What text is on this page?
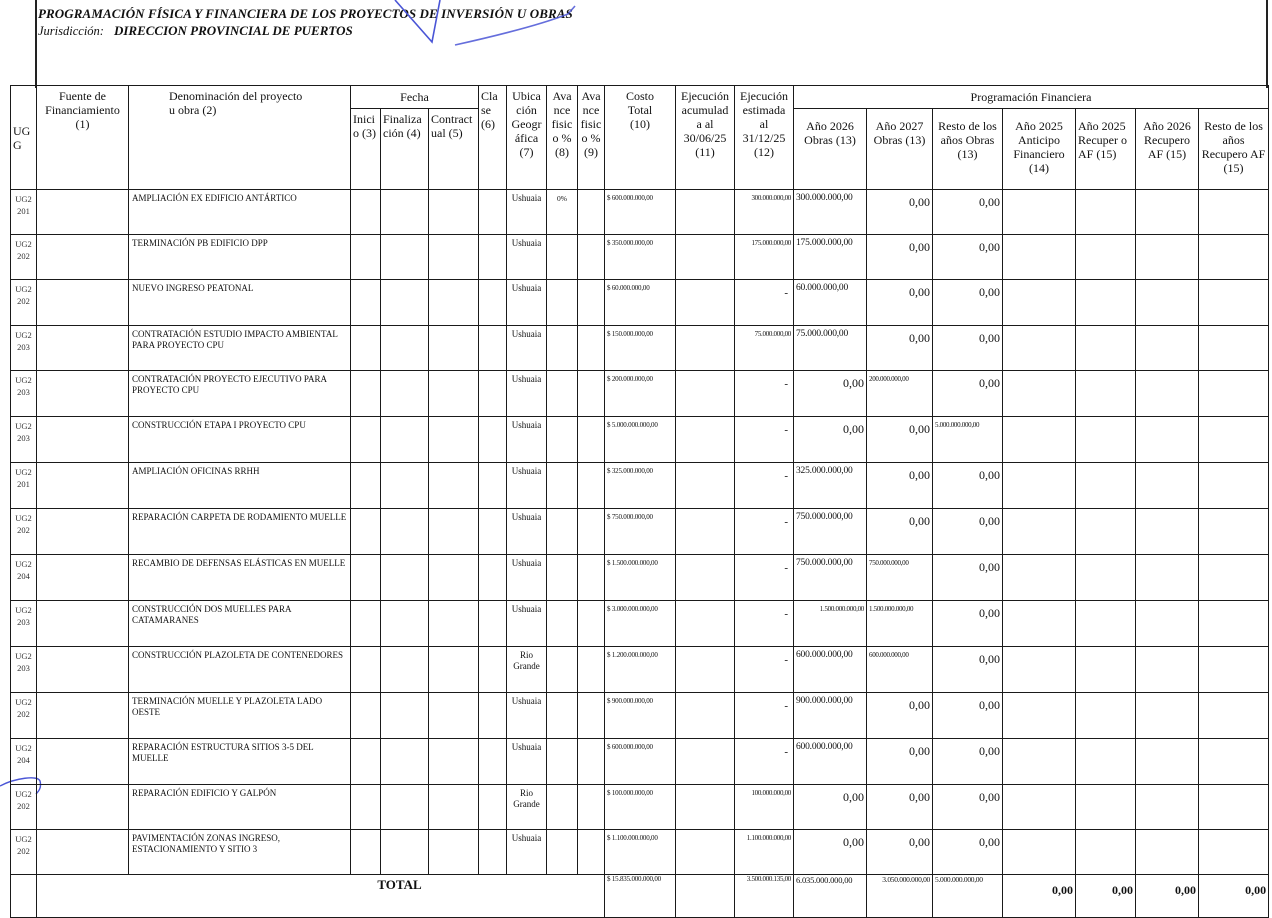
PROGRAMACIÓN FÍSICA Y FINANCIERA DE LOS PROYECTOS DE INVERSIÓN U OBRAS
Jurisdicción: DIRECCION PROVINCIAL DE PUERTOS
UG G	Fuente de Financiamiento (1)	Denominación del proyecto u obra (2)	Fecha			Cla se (6)	Ubica ción Geogr áfica (7)	Ava nce fisic o % (8)	Ava nce fisic o % (9)	Costo Total (10)	Ejecución acumulad a al 30/06/25 (11)	Ejecución estimada al 31/12/25 (12)	Programación Financiera						
			Inici o (3)	Finaliza ción (4)	Contract ual (5)								Año 2026 Obras (13)	Año 2027 Obras (13)	Resto de los años Obras (13)	Año 2025 Anticipo Financiero (14)	Año 2025 Recuper o AF (15)	Año 2026 Recupero AF (15)	Resto de los años Recupero AF (15)
UG2 201		AMPLIACIÓN EX EDIFICIO ANTÁRTICO					Ushuaia	0%		$ 600.000.000,00		300.000.000,00	300.000.000,00	0,00	0,00				
UG2 202		TERMINACIÓN PB EDIFICIO DPP					Ushuaia			$ 350.000.000,00		175.000.000,00	175.000.000,00	0,00	0,00				
UG2 202		NUEVO INGRESO PEATONAL					Ushuaia			$ 60.000.000,00		-	60.000.000,00	0,00	0,00				
UG2 203		CONTRATACIÓN ESTUDIO IMPACTO AMBIENTAL PARA PROYECTO CPU					Ushuaia			$ 150.000.000,00		75.000.000,00	75.000.000,00	0,00	0,00				
UG2 203		CONTRATACIÓN PROYECTO EJECUTIVO PARA PROYECTO CPU					Ushuaia			$ 200.000.000,00		-	0,00	200.000.000,00	0,00				
UG2 203		CONSTRUCCIÓN ETAPA I PROYECTO CPU					Ushuaia			$ 5.000.000.000,00		-	0,00	0,00	5.000.000.000,00				
UG2 201		AMPLIACIÓN OFICINAS RRHH					Ushuaia			$ 325.000.000,00		-	325.000.000,00	0,00	0,00				
UG2 202		REPARACIÓN CARPETA DE RODAMIENTO MUELLE					Ushuaia			$ 750.000.000,00		-	750.000.000,00	0,00	0,00				
UG2 204		RECAMBIO DE DEFENSAS ELÁSTICAS EN MUELLE					Ushuaia			$ 1.500.000.000,00		-	750.000.000,00	750.000.000,00	0,00				
UG2 203		CONSTRUCCIÓN DOS MUELLES PARA CATAMARANES					Ushuaia			$ 3.000.000.000,00		-	1.500.000.000,00	1.500.000.000,00	0,00				
UG2 203		CONSTRUCCIÓN PLAZOLETA DE CONTENEDORES					Rio Grande			$ 1.200.000.000,00		-	600.000.000,00	600.000.000,00	0,00				
UG2 202		TERMINACIÓN MUELLE Y PLAZOLETA LADO OESTE					Ushuaia			$ 900.000.000,00		-	900.000.000,00	0,00	0,00				
UG2 204		REPARACIÓN ESTRUCTURA SITIOS 3-5 DEL MUELLE					Ushuaia			$ 600.000.000,00		-	600.000.000,00	0,00	0,00				
UG2 202		REPARACIÓN EDIFICIO Y GALPÓN					Rio Grande			$ 100.000.000,00		100.000.000,00	0,00	0,00	0,00				
UG2 202		PAVIMENTACIÓN ZONAS INGRESO, ESTACIONAMIENTO Y SITIO 3					Ushuaia			$ 1.100.000.000,00		1.100.000.000,00	0,00	0,00	0,00				
	TOTAL									$ 15.835.000.000,00		3.500.000.135,00	6.035.000.000,00	3.050.000.000,00	5.000.000.000,00	0,00	0,00	0,00	0,00
